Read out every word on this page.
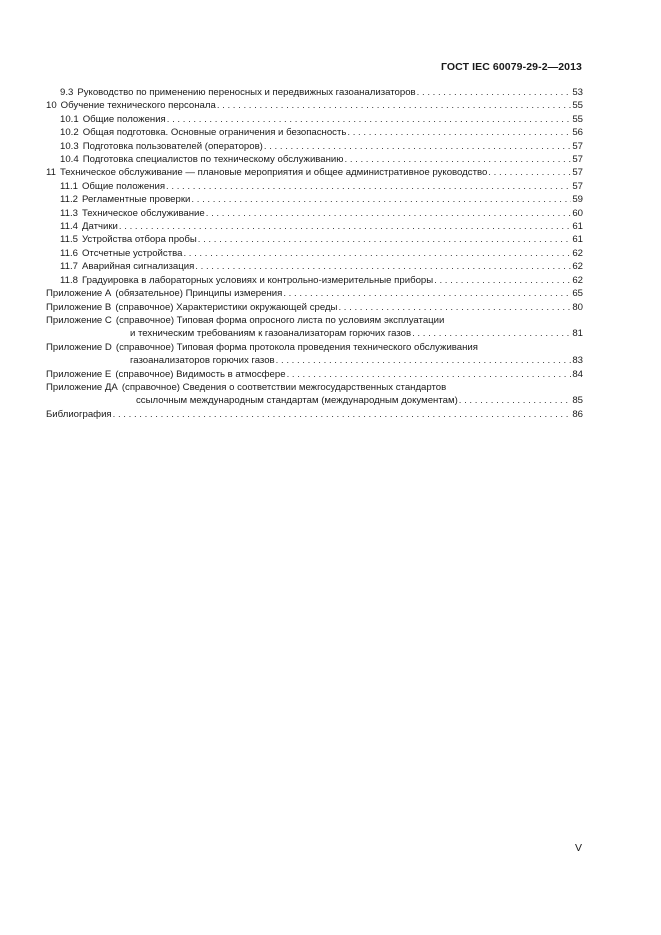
ГОСТ IEC 60079-29-2—2013
9.3 Руководство по применению переносных и передвижных газоанализаторов . . .	53
10 Обучение технического персонала . . .	55
10.1 Общие положения . . .	55
10.2 Общая подготовка. Основные ограничения и безопасность . . .	56
10.3 Подготовка пользователей (операторов) . . .	57
10.4 Подготовка специалистов по техническому обслуживанию . . .	57
11 Техническое обслуживание — плановые мероприятия и общее административное руководство . . .	57
11.1 Общие положения . . .	57
11.2 Регламентные проверки . . .	59
11.3 Техническое обслуживание . . .	60
11.4 Датчики . . .	61
11.5 Устройства отбора пробы . . .	61
11.6 Отсчетные устройства . . .	62
11.7 Аварийная сигнализация . . .	62
11.8 Градуировка в лабораторных условиях и контрольно-измерительные приборы . . .	62
Приложение А (обязательное) Принципы измерения . . .	65
Приложение В (справочное) Характеристики окружающей среды . . .	80
Приложение С (справочное) Типовая форма опросного листа по условиям эксплуатации
и техническим требованиям к газоанализаторам горючих газов . . .	81
Приложение D (справочное) Типовая форма протокола проведения технического обслуживания
газоанализаторов горючих газов . . .	83
Приложение Е (справочное) Видимость в атмосфере . . .	84
Приложение ДА (справочное) Сведения о соответствии межгосударственных стандартов
ссылочным международным стандартам (международным документам) . . .	85
Библиография . . .	86
V
